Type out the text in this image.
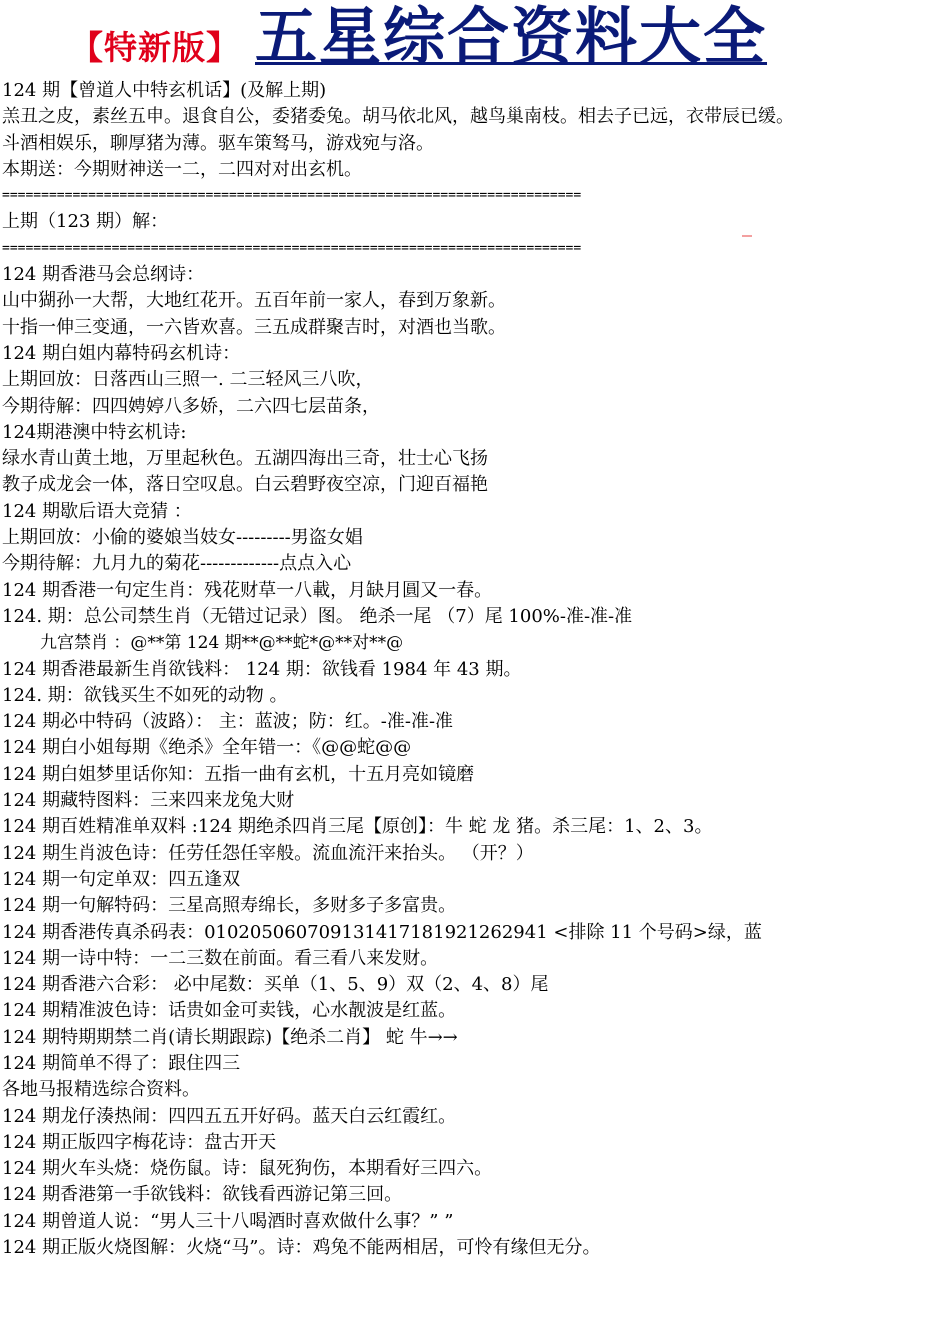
【特新版】 五星综合资料大全
124 期【曾道人中特玄机话】(及解上期)
羔丑之皮，素丝五申。退食自公，委猪委兔。胡马依北风，越鸟巢南枝。相去子已远，衣带辰已缓。
斗酒相娱乐，聊厚猪为薄。驱车策驽马，游戏宛与洛。
本期送：今期财神送一二，二四对对出玄机。
==========================================================================
上期（123 期）解：
==========================================================================
124 期香港马会总纲诗：
山中猢孙一大帮，大地红花开。五百年前一家人，春到万象新。
十指一伸三变通，一六皆欢喜。三五成群聚吉时，对酒也当歌。
124 期白姐内幕特码玄机诗：
上期回放：日落西山三照一. 二三轻风三八吹，
今期待解：四四娉婷八多娇，二六四七层苗条，
124期港澳中特玄机诗:
绿水青山黄土地，万里起秋色。五湖四海出三奇，壮士心飞扬
教子成龙会一体，落日空叹息。白云碧野夜空凉，门迎百福艳
124 期歇后语大竞猜 ：
上期回放：小偷的婆娘当妓女---------男盗女娼
今期待解：九月九的菊花-------------点点入心
124 期香港一句定生肖：残花财草一八載，月缺月圓又一春。
124. 期：总公司禁生肖（无错过记录）图。 绝杀一尾 （7）尾 100%-准-准-准
九宫禁肖 ：@**第 124 期**@**蛇*@**对**@
124 期香港最新生肖欲钱料： 124 期：欲钱看 1984 年 43 期。
124. 期：欲钱买生不如死的动物 。
124 期必中特码（波路）： 主：蓝波；防：红。-准-准-准
124 期白小姐每期《绝杀》全年错一：《@@蛇@@
124 期白姐梦里话你知：五指一曲有玄机，十五月亮如镜磨
124 期藏特图料：三来四来龙兔大财
124 期百姓精准单双料 :124 期绝杀四肖三尾【原创】：牛 蛇 龙 猪。杀三尾：1、2、3。
124 期生肖波色诗：任劳任怨任宰般。流血流汗来抬头。 （开？）
124 期一句定单双：四五逢双
124 期一句解特码：三星高照寿绵长，多财多子多富贵。
124 期香港传真杀码表：01020506070913141718192126294​1 <排除 11 个号码>绿，蓝
124 期一诗中特：一二三数在前面。看三看八来发财。
124 期香港六合彩： 必中尾数：买单（1、5、9）双（2、4、8）尾
124 期精准波色诗：话贵如金可卖钱，心水靓波是红蓝。
124 期特期期禁二肖(请长期跟踪)【绝杀二肖】 蛇 牛→→
124 期简单不得了：跟住四三
各地马报精选综合资料。
124 期龙仔湊热闹：四四五五开好码。蓝天白云红霞红。
124 期正版四字梅花诗：盘古开天
124 期火车头烧：烧伤鼠。诗：鼠死狗伤，本期看好三四六。
124 期香港第一手欲钱料：欲钱看西游记第三回。
124 期曾道人说：“男人三十八喝酒时喜欢做什么事？” ”
124 期正版火烧图解：火烧“马”。诗：鸡兔不能两相居，可怜有缘但无分。
